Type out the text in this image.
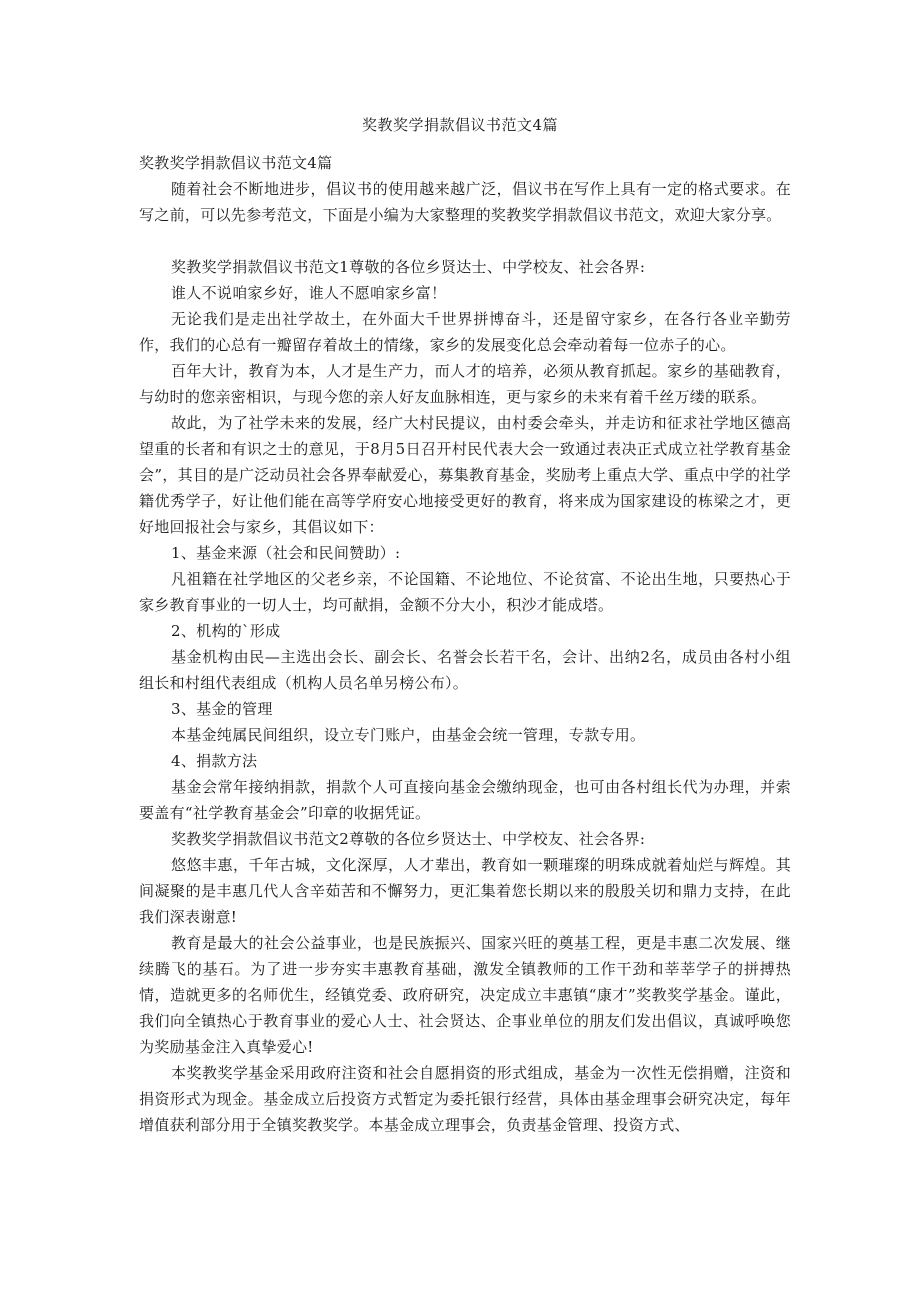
奖教奖学捐款倡议书范文4篇

奖教奖学捐款倡议书范文4篇

随着社会不断地进步，倡议书的使用越来越广泛，倡议书在写作上具有一定的格式要求。在写之前，可以先参考范文，下面是小编为大家整理的奖教奖学捐款倡议书范文，欢迎大家分享。

奖教奖学捐款倡议书范文1尊敬的各位乡贤达士、中学校友、社会各界:

谁人不说咱家乡好，谁人不愿咱家乡富！

无论我们是走出社学故土，在外面大千世界拼博奋斗，还是留守家乡，在各行各业辛勤劳作，我们的心总有一瓣留存着故土的情缘，家乡的发展变化总会牵动着每一位赤子的心。

百年大计，教育为本，人才是生产力，而人才的培养，必须从教育抓起。家乡的基础教育，与幼时的您亲密相识，与现今您的亲人好友血脉相连，更与家乡的未来有着千丝万缕的联系。

故此，为了社学未来的发展，经广大村民提议，由村委会牵头，并走访和征求社学地区德高望重的长者和有识之士的意见，于8月5日召开村民代表大会一致通过表决正式成立社学教育基金会”，其目的是广泛动员社会各界奉献爱心，募集教育基金，奖励考上重点大学、重点中学的社学籍优秀学子，好让他们能在高等学府安心地接受更好的教育，将来成为国家建设的栋梁之才，更好地回报社会与家乡，其倡议如下：

1、基金来源（社会和民间赞助）:

凡祖籍在社学地区的父老乡亲，不论国籍、不论地位、不论贫富、不论出生地，只要热心于家乡教育事业的一切人士，均可献捐，金额不分大小，积沙才能成塔。

2、机构的`形成

基金机构由民—主选出会长、副会长、名誉会长若干名，会计、出纳2名，成员由各村小组组长和村组代表组成（机构人员名单另榜公布）。

3、基金的管理

本基金纯属民间组织，设立专门账户，由基金会统一管理，专款专用。

4、捐款方法

基金会常年接纳捐款，捐款个人可直接向基金会缴纳现金，也可由各村组长代为办理，并索要盖有“社学教育基金会”印章的收据凭证。

奖教奖学捐款倡议书范文2尊敬的各位乡贤达士、中学校友、社会各界:

悠悠丰惠，千年古城，文化深厚，人才辈出，教育如一颗璀璨的明珠成就着灿烂与辉煌。其间凝聚的是丰惠几代人含辛茹苦和不懈努力，更汇集着您长期以来的殷殷关切和鼎力支持，在此我们深表谢意!

教育是最大的社会公益事业，也是民族振兴、国家兴旺的奠基工程，更是丰惠二次发展、继续腾飞的基石。为了进一步夯实丰惠教育基础，激发全镇教师的工作干劲和莘莘学子的拼搏热情，造就更多的名师优生，经镇党委、政府研究，决定成立丰惠镇“康才”奖教奖学基金。谨此，我们向全镇热心于教育事业的爱心人士、社会贤达、企事业单位的朋友们发出倡议，真诚呼唤您为奖励基金注入真挚爱心!

本奖教奖学基金采用政府注资和社会自愿捐资的形式组成，基金为一次性无偿捐赠，注资和捐资形式为现金。基金成立后投资方式暂定为委托银行经营，具体由基金理事会研究决定，每年增值获利部分用于全镇奖教奖学。本基金成立理事会，负责基金管理、投资方式、
